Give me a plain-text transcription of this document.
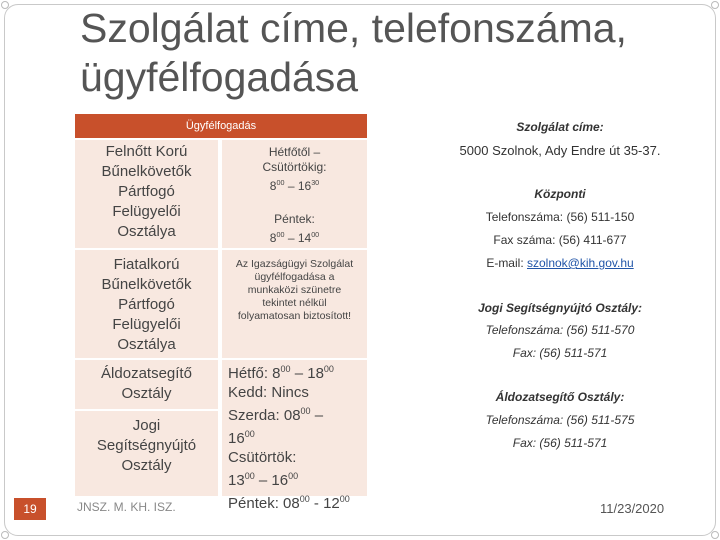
Szolgálat címe, telefonszáma, ügyfélfogadása
Ügyfélfogadás
Felnőtt Korú Bűnelkövetők Pártfogó Felügyelői Osztálya
Fiatalkorú Bűnelkövetők Pártfogó Felügyelői Osztálya
Áldozatsegítő Osztály
Jogi Segítségnyújtó Osztály
Hétfőtől –
Csütörtökig:
$8^{00} - 16^{30}$
Péntek:
$8^{00} - 14^{00}$
Az Igazságügyi Szolgálat ügyfélfogadása a munkaközi szünetre tekintet nélkül folyamatosan biztosított!
Hétfő: $8^{00} - 18^{00}$
Kedd: Nincs
Szerda: $08^{00}$ –
$16^{00}$
Csütörtök:
$13^{00} - 16^{00}$
Péntek: $08^{00} - 12^{00}$
Szolgálat címe:
5000 Szolnok, Ady Endre út 35-37.
Központi
Telefonszáma: (56) 511-150
Fax száma: (56) 411-677
E-mail: szolnok@kih.gov.hu
Jogi Segítségnyújtó Osztály:
Telefonszáma: (56) 511-570
Fax: (56) 511-571
Áldozatsegítő Osztály:
Telefonszáma: (56) 511-575
Fax: (56) 511-571
19	JNSZ. M. KH. ISZ.	11/23/2020
